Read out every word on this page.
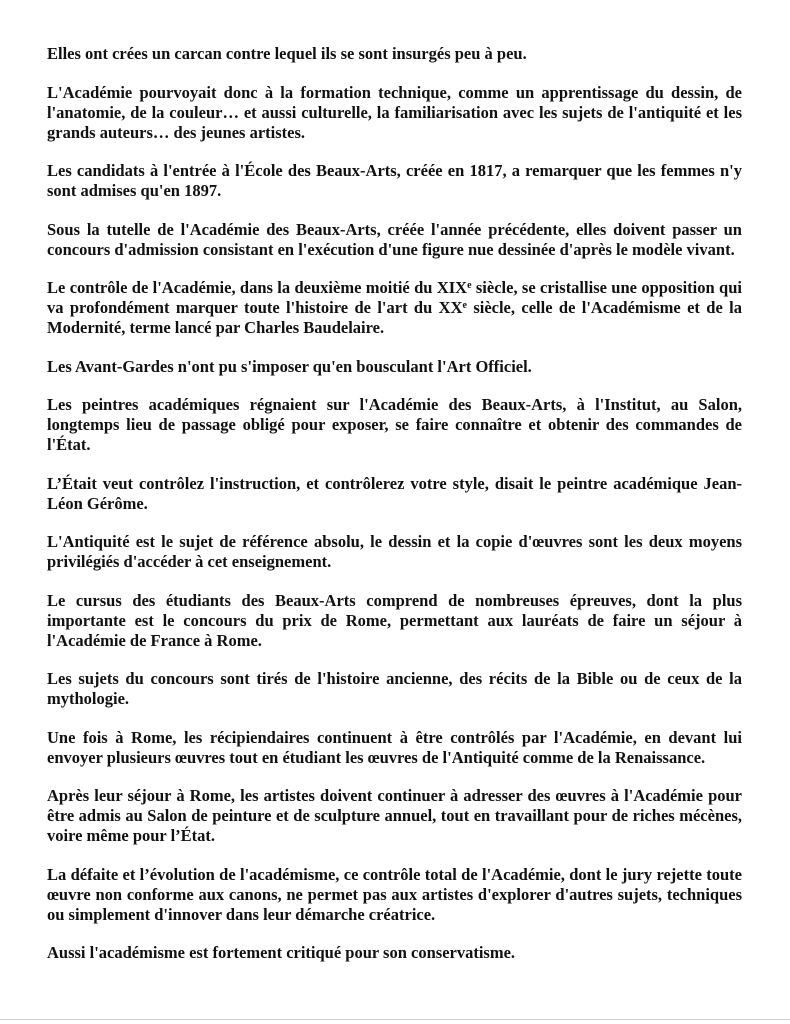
Elles ont crées un carcan contre lequel ils se sont insurgés peu à peu.

L'Académie pourvoyait donc à la formation technique, comme un apprentissage du dessin, de l'anatomie, de la couleur… et aussi culturelle, la familiarisation avec les sujets de l'antiquité et les grands auteurs… des jeunes artistes.

Les candidats à l'entrée à l'École des Beaux-Arts, créée en 1817, a remarquer que les femmes n'y sont admises qu'en 1897.

Sous la tutelle de l'Académie des Beaux-Arts, créée l'année précédente, elles doivent passer un concours d'admission consistant en l'exécution d'une figure nue dessinée d'après le modèle vivant.

Le contrôle de l'Académie, dans la deuxième moitié du XIXe siècle, se cristallise une opposition qui va profondément marquer toute l'histoire de l'art du XXe siècle, celle de l'Académisme et de la Modernité, terme lancé par Charles Baudelaire.

Les Avant-Gardes n'ont pu s'imposer qu'en bousculant l'Art Officiel.

Les peintres académiques régnaient sur l'Académie des Beaux-Arts, à l'Institut, au Salon, longtemps lieu de passage obligé pour exposer, se faire connaître et obtenir des commandes de l'État.

L’Était veut contrôlez l'instruction, et contrôlerez votre style, disait le peintre académique Jean-Léon Gérôme.

L'Antiquité est le sujet de référence absolu, le dessin et la copie d'œuvres sont les deux moyens privilégiés d'accéder à cet enseignement.

Le cursus des étudiants des Beaux-Arts comprend de nombreuses épreuves, dont la plus importante est le concours du prix de Rome, permettant aux lauréats de faire un séjour à l'Académie de France à Rome.

Les sujets du concours sont tirés de l'histoire ancienne, des récits de la Bible ou de ceux de la mythologie.

Une fois à Rome, les récipiendaires continuent à être contrôlés par l'Académie, en devant lui envoyer plusieurs œuvres tout en étudiant les œuvres de l'Antiquité comme de la Renaissance.

Après leur séjour à Rome, les artistes doivent continuer à adresser des œuvres à l'Académie pour être admis au Salon de peinture et de sculpture annuel, tout en travaillant pour de riches mécènes, voire même pour l’État.

La défaite et l’évolution de l'académisme, ce contrôle total de l'Académie, dont le jury rejette toute œuvre non conforme aux canons, ne permet pas aux artistes d'explorer d'autres sujets, techniques ou simplement d'innover dans leur démarche créatrice.

Aussi l'académisme est fortement critiqué pour son conservatisme.
